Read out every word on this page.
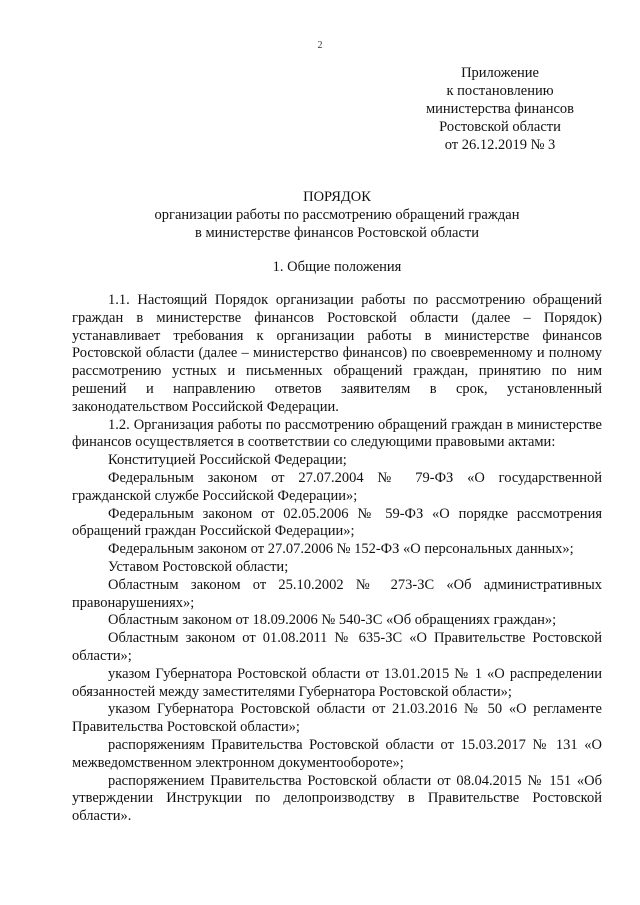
2
Приложение
к постановлению
министерства финансов
Ростовской области
от 26.12.2019 № 3
ПОРЯДОК
организации работы по рассмотрению обращений граждан
в министерстве финансов Ростовской области
1. Общие положения

1.1. Настоящий Порядок организации работы по рассмотрению обращений граждан в министерстве финансов Ростовской области (далее – Порядок) устанавливает требования к организации работы в министерстве финансов Ростовской области (далее – министерство финансов) по своевременному и полному рассмотрению устных и письменных обращений граждан, принятию по ним решений и направлению ответов заявителям в срок, установленный законодательством Российской Федерации.

1.2. Организация работы по рассмотрению обращений граждан в министерстве финансов осуществляется в соответствии со следующими правовыми актами:

Конституцией Российской Федерации;

Федеральным законом от 27.07.2004 № 79-ФЗ «О государственной гражданской службе Российской Федерации»;

Федеральным законом от 02.05.2006 № 59-ФЗ «О порядке рассмотрения обращений граждан Российской Федерации»;

Федеральным законом от 27.07.2006 № 152-ФЗ «О персональных данных»;

Уставом Ростовской области;

Областным законом от 25.10.2002 № 273-ЗС «Об административных правонарушениях»;

Областным законом от 18.09.2006 № 540-ЗС «Об обращениях граждан»;

Областным законом от 01.08.2011 № 635-ЗС «О Правительстве Ростовской области»;

указом Губернатора Ростовской области от 13.01.2015 № 1 «О распределении обязанностей между заместителями Губернатора Ростовской области»;

указом Губернатора Ростовской области от 21.03.2016 № 50 «О регламенте Правительства Ростовской области»;

распоряжениям Правительства Ростовской области от 15.03.2017 № 131 «О межведомственном электронном документообороте»;

распоряжением Правительства Ростовской области от 08.04.2015 № 151 «Об утверждении Инструкции по делопроизводству в Правительстве Ростовской области».
